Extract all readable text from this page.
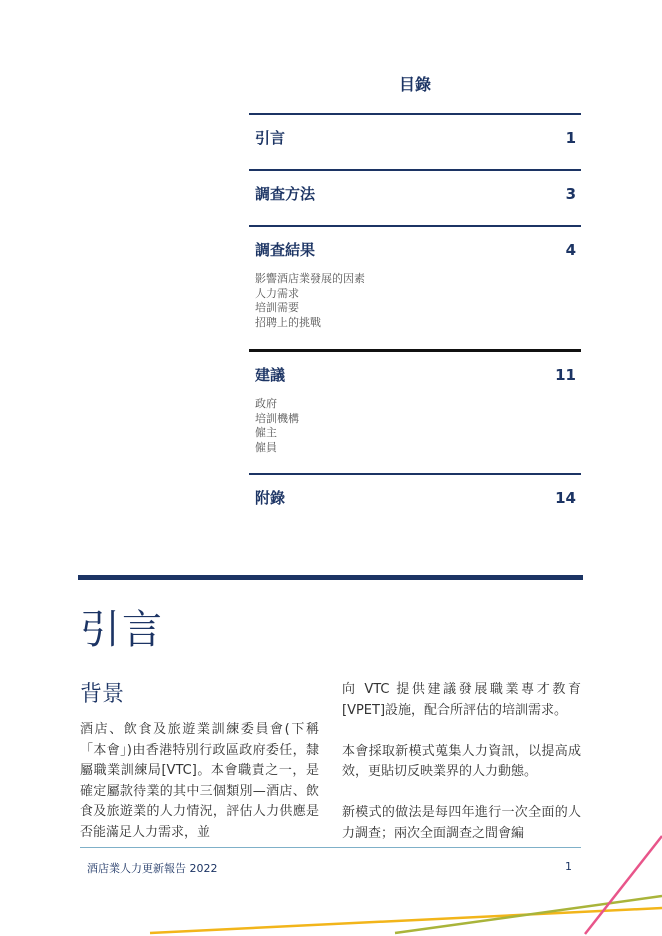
目錄
引言	1
調查方法	3
調查結果	4
影響酒店業發展的因素
人力需求
培訓需要
招聘上的挑戰
建議	11
政府
培訓機構
僱主
僱員
附錄	14
引言
背景

酒店、飲食及旅遊業訓練委員會(下稱「本會」)由香港特別行政區政府委任，隸屬職業訓練局[VTC]。本會職責之一，是確定屬款待業的其中三個類別—酒店、飲食及旅遊業的人力情況，評估人力供應是否能滿足人力需求，並

向 VTC 提供建議發展職業專才教育[VPET]設施，配合所評估的培訓需求。

本會採取新模式蒐集人力資訊，以提高成效，更貼切反映業界的人力動態。

新模式的做法是每四年進行一次全面的人力調查；兩次全面調查之間會編

酒店業人力更新報告 2022	1
